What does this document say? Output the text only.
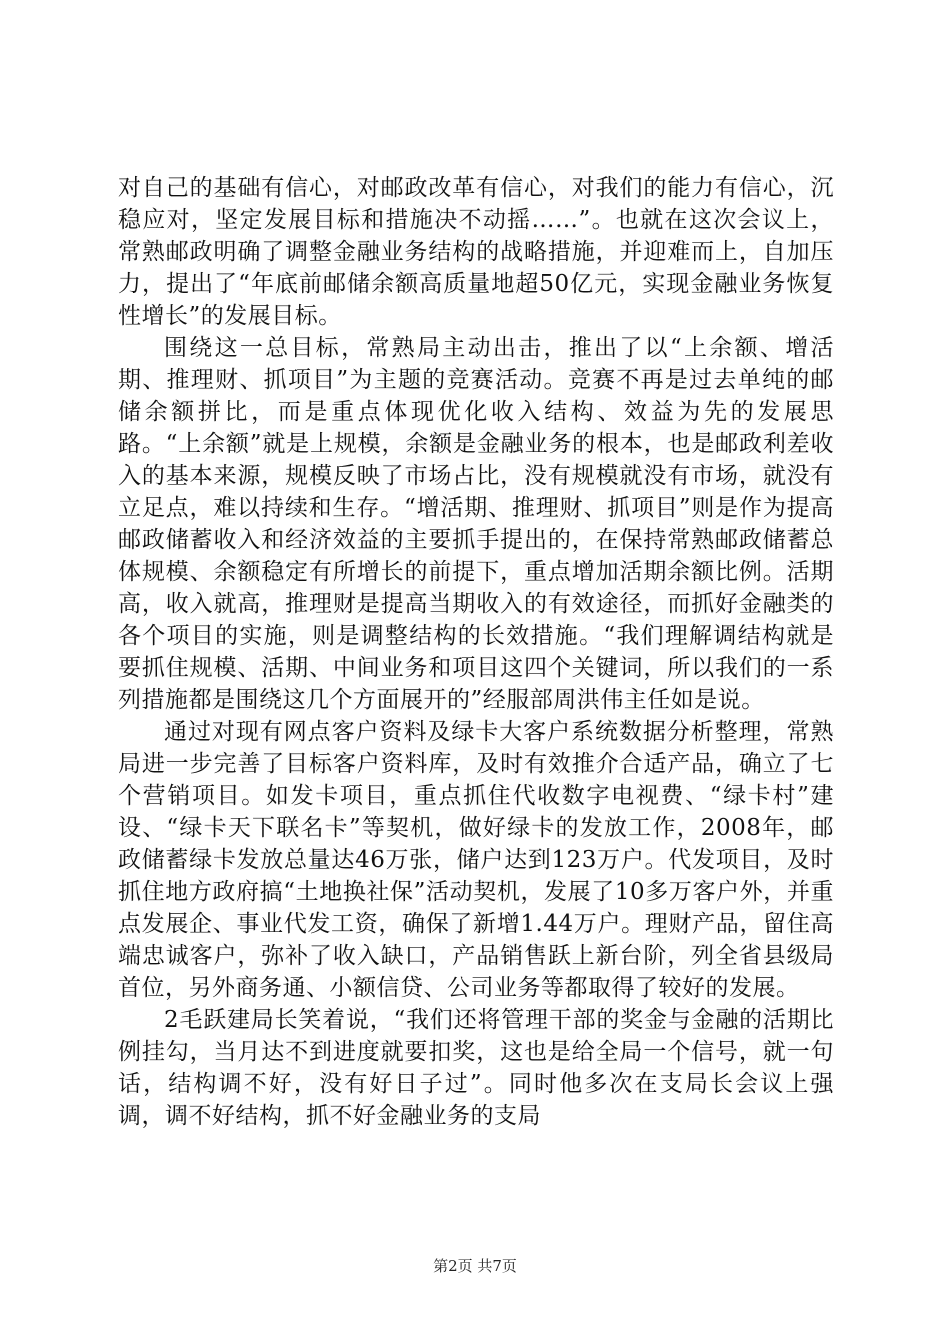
对自己的基础有信心，对邮政改革有信心，对我们的能力有信心，沉稳应对，坚定发展目标和措施决不动摇……”。也就在这次会议上，常熟邮政明确了调整金融业务结构的战略措施，并迎难而上，自加压力，提出了“年底前邮储余额高质量地超50亿元，实现金融业务恢复性增长”的发展目标。

围绕这一总目标，常熟局主动出击，推出了以“上余额、增活期、推理财、抓项目”为主题的竞赛活动。竞赛不再是过去单纯的邮储余额拼比，而是重点体现优化收入结构、效益为先的发展思路。“上余额”就是上规模，余额是金融业务的根本，也是邮政利差收入的基本来源，规模反映了市场占比，没有规模就没有市场，就没有立足点，难以持续和生存。“增活期、推理财、抓项目”则是作为提高邮政储蓄收入和经济效益的主要抓手提出的，在保持常熟邮政储蓄总体规模、余额稳定有所增长的前提下，重点增加活期余额比例。活期高，收入就高，推理财是提高当期收入的有效途径，而抓好金融类的各个项目的实施，则是调整结构的长效措施。“我们理解调结构就是要抓住规模、活期、中间业务和项目这四个关键词，所以我们的一系列措施都是围绕这几个方面展开的”经服部周洪伟主任如是说。

通过对现有网点客户资料及绿卡大客户系统数据分析整理，常熟局进一步完善了目标客户资料库，及时有效推介合适产品，确立了七个营销项目。如发卡项目，重点抓住代收数字电视费、“绿卡村”建设、“绿卡天下联名卡”等契机，做好绿卡的发放工作，2008年，邮政储蓄绿卡发放总量达46万张，储户达到123万户。代发项目，及时抓住地方政府搞“土地换社保”活动契机，发展了10多万客户外，并重点发展企、事业代发工资，确保了新增1.44万户。理财产品，留住高端忠诚客户，弥补了收入缺口，产品销售跃上新台阶，列全省县级局首位，另外商务通、小额信贷、公司业务等都取得了较好的发展。

2毛跃建局长笑着说，“我们还将管理干部的奖金与金融的活期比例挂勾，当月达不到进度就要扣奖，这也是给全局一个信号，就一句话，结构调不好，没有好日子过”。同时他多次在支局长会议上强调，调不好结构，抓不好金融业务的支局

第2页 共7页
